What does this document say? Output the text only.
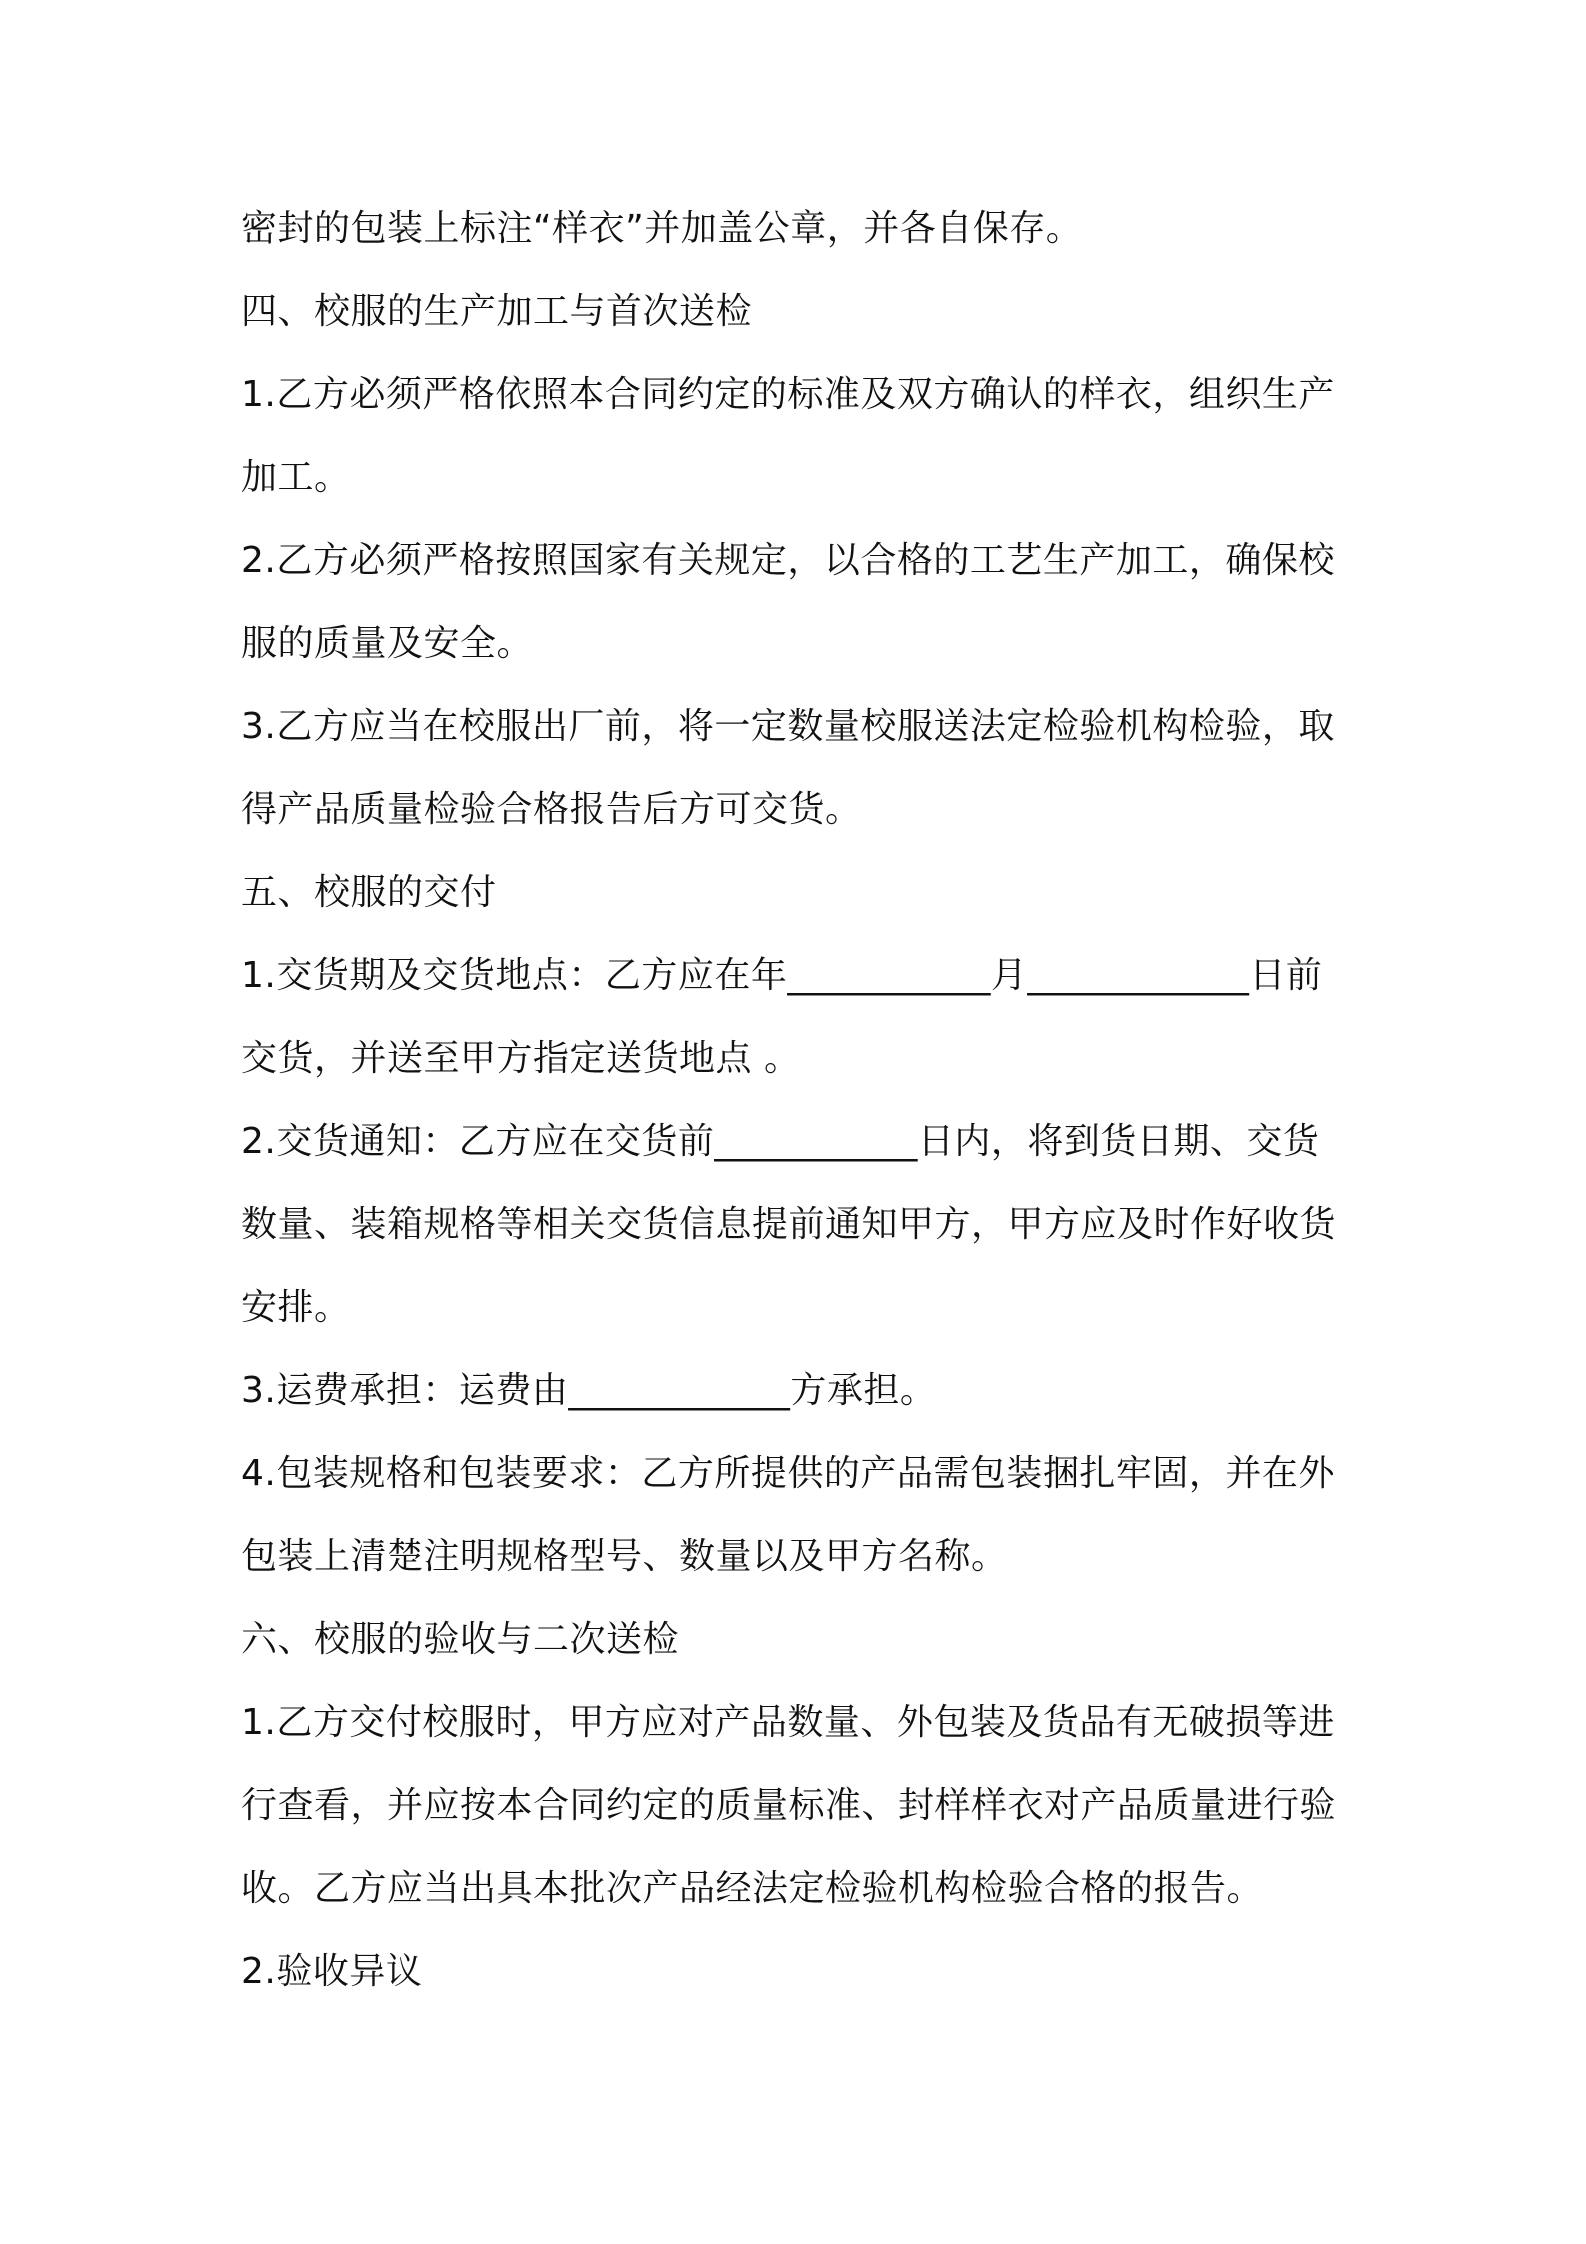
密封的包装上标注“样衣”并加盖公章，并各自保存。
四、校服的生产加工与首次送检
1.乙方必须严格依照本合同约定的标准及双方确认的样衣，组织生产
加工。
2.乙方必须严格按照国家有关规定，以合格的工艺生产加工，确保校
服的质量及安全。
3.乙方应当在校服出厂前，将一定数量校服送法定检验机构检验，取
得产品质量检验合格报告后方可交货。
五、校服的交付
1.交货期及交货地点：乙方应在年___________月____________日前
交货，并送至甲方指定送货地点 。
2.交货通知：乙方应在交货前___________日内，将到货日期、交货
数量、装箱规格等相关交货信息提前通知甲方，甲方应及时作好收货
安排。
3.运费承担：运费由____________方承担。
4.包装规格和包装要求：乙方所提供的产品需包装捆扎牢固，并在外
包装上清楚注明规格型号、数量以及甲方名称。
六、校服的验收与二次送检
1.乙方交付校服时，甲方应对产品数量、外包装及货品有无破损等进
行查看，并应按本合同约定的质量标准、封样样衣对产品质量进行验
收。乙方应当出具本批次产品经法定检验机构检验合格的报告。
2.验收异议
